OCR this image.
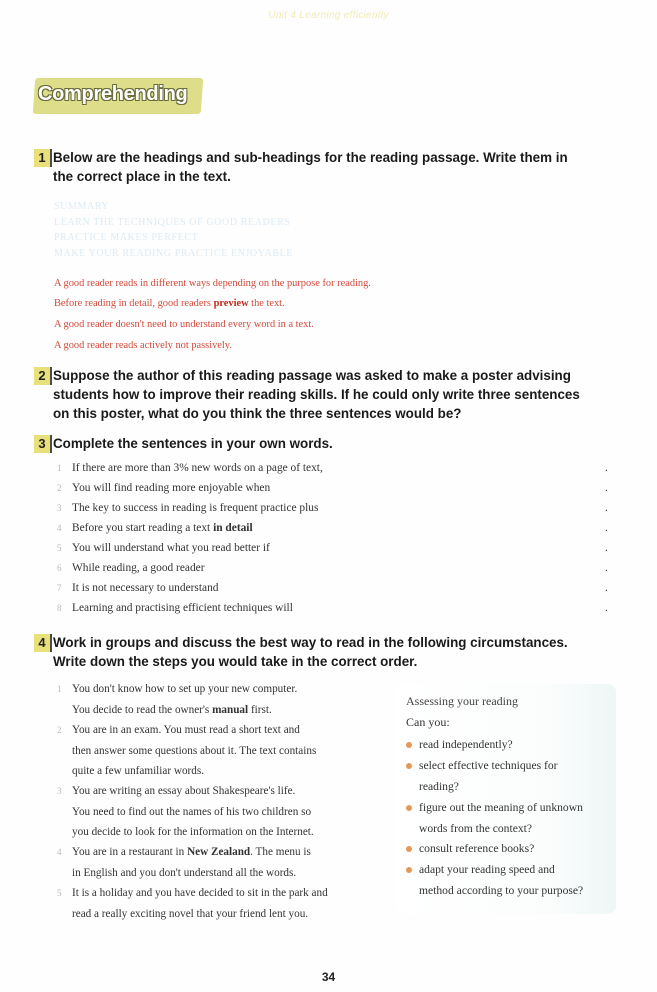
Unit 4 Learning efficiently
Comprehending
1 Below are the headings and sub-headings for the reading passage. Write them in
the correct place in the text.
SUMMARY
LEARN THE TECHNIQUES OF GOOD READERS
PRACTICE MAKES PERFECT
MAKE YOUR READING PRACTICE ENJOYABLE
A good reader reads in different ways depending on the purpose for reading.
Before reading in detail, good readers preview the text.
A good reader doesn't need to understand every word in a text.
A good reader reads actively not passively.
2 Suppose the author of this reading passage was asked to make a poster advising
students how to improve their reading skills. If he could only write three sentences
on this poster, what do you think the three sentences would be?
3 Complete the sentences in your own words.
1 If there are more than 3% new words on a page of text,	.
2 You will find reading more enjoyable when	.
3 The key to success in reading is frequent practice plus	.
4 Before you start reading a text in detail	.
5 You will understand what you read better if	.
6 While reading, a good reader	.
7 It is not necessary to understand	.
8 Learning and practising efficient techniques will	.
4 Work in groups and discuss the best way to read in the following circumstances.
Write down the steps you would take in the correct order.
1 You don't know how to set up your new computer.
You decide to read the owner's manual first.
2 You are in an exam. You must read a short text and
then answer some questions about it. The text contains
quite a few unfamiliar words.
3 You are writing an essay about Shakespeare's life.
You need to find out the names of his two children so
you decide to look for the information on the Internet.
4 You are in a restaurant in New Zealand. The menu is
in English and you don't understand all the words.
5 It is a holiday and you have decided to sit in the park and
read a really exciting novel that your friend lent you.
Assessing your reading
Can you:
read independently?
select effective techniques for
reading?
figure out the meaning of unknown
words from the context?
consult reference books?
adapt your reading speed and
method according to your purpose?
34
